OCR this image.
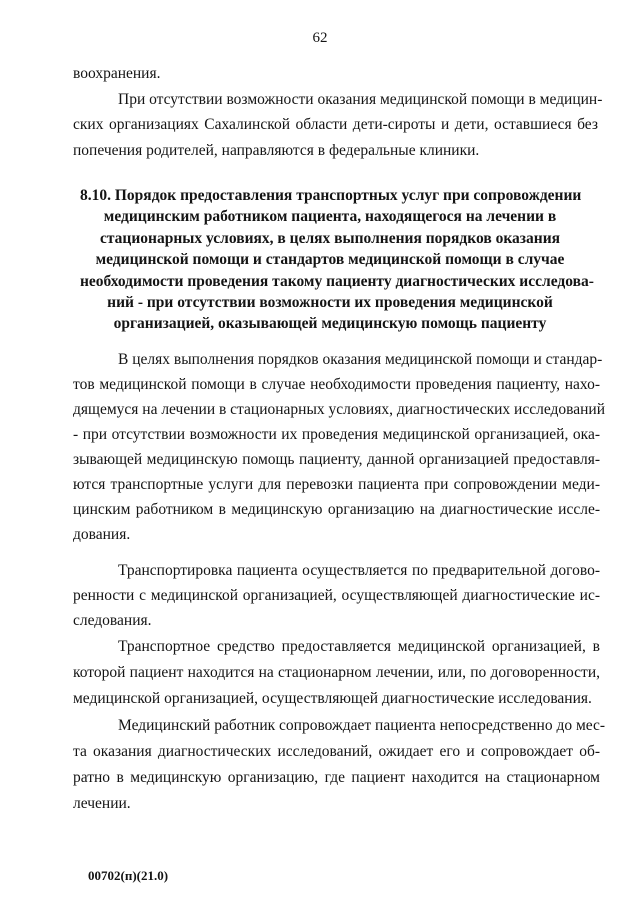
62
воохранения.
При отсутствии возможности оказания медицинской помощи в медицин-
ских организациях Сахалинской области дети-сироты и дети, оставшиеся без
попечения родителей, направляются в федеральные клиники.
8.10. Порядок предоставления транспортных услуг при сопровождении
медицинским работником пациента, находящегося на лечении в
стационарных условиях, в целях выполнения порядков оказания
медицинской помощи и стандартов медицинской помощи в случае
необходимости проведения такому пациенту диагностических исследова-
ний - при отсутствии возможности их проведения медицинской
организацией, оказывающей медицинскую помощь пациенту
В целях выполнения порядков оказания медицинской помощи и стандар-
тов медицинской помощи в случае необходимости проведения пациенту, нахо-
дящемуся на лечении в стационарных условиях, диагностических исследований
- при отсутствии возможности их проведения медицинской организацией, ока-
зывающей медицинскую помощь пациенту, данной организацией предоставля-
ются транспортные услуги для перевозки пациента при сопровождении меди-
цинским работником в медицинскую организацию на диагностические иссле-
дования.
Транспортировка пациента осуществляется по предварительной догово-
ренности с медицинской организацией, осуществляющей диагностические ис-
следования.
Транспортное средство предоставляется медицинской организацией, в
которой пациент находится на стационарном лечении, или, по договоренности,
медицинской организацией, осуществляющей диагностические исследования.
Медицинский работник сопровождает пациента непосредственно до мес-
та оказания диагностических исследований, ожидает его и сопровождает об-
ратно в медицинскую организацию, где пациент находится на стационарном
лечении.
00702(п)(21.0)
